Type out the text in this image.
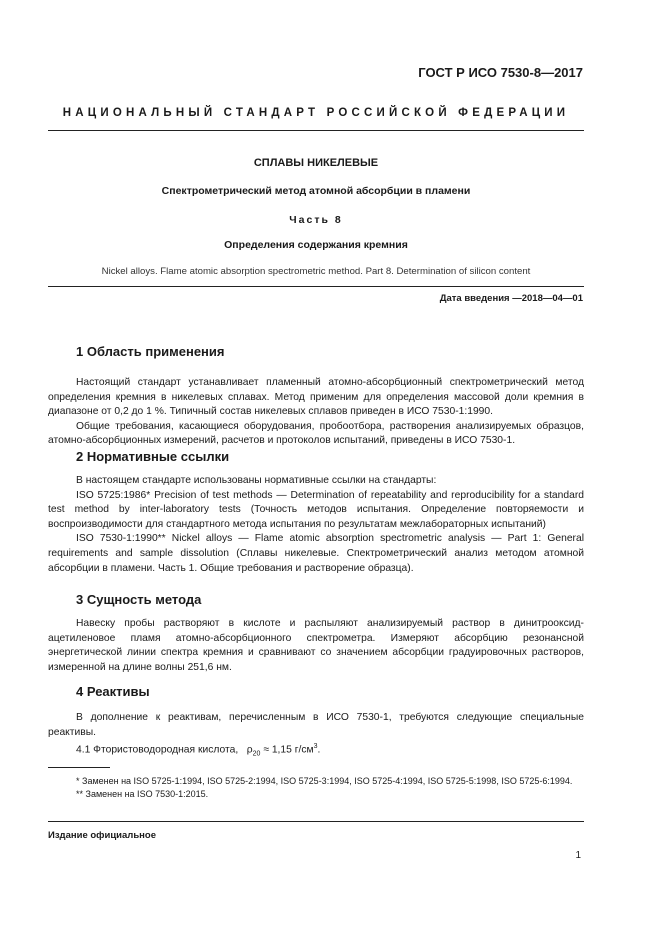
ГОСТ Р ИСО 7530-8—2017
НАЦИОНАЛЬНЫЙ СТАНДАРТ РОССИЙСКОЙ ФЕДЕРАЦИИ
СПЛАВЫ НИКЕЛЕВЫЕ
Спектрометрический метод атомной абсорбции в пламени
Часть 8
Определения содержания кремния
Nickel alloys. Flame atomic absorption spectrometric method. Part 8. Determination of silicon content
Дата введения —2018—04—01
1 Область применения

Настоящий стандарт устанавливает пламенный атомно-абсорбционный спектрометрический метод определения кремния в никелевых сплавах. Метод применим для определения массовой доли кремния в диапазоне от 0,2 до 1 %. Типичный состав никелевых сплавов приведен в ИСО 7530-1:1990.

Общие требования, касающиеся оборудования, пробоотбора, растворения анализируемых образцов, атомно-абсорбционных измерений, расчетов и протоколов испытаний, приведены в ИСО 7530-1.

2 Нормативные ссылки

В настоящем стандарте использованы нормативные ссылки на стандарты:

ISO 5725:1986* Precision of test methods — Determination of repeatability and reproducibility for a standard test method by inter-laboratory tests (Точность методов испытания. Определение повторяемости и воспроизводимости для стандартного метода испытания по результатам межлабораторных испытаний)

ISO 7530-1:1990** Nickel alloys — Flame atomic absorption spectrometric analysis — Part 1: General requirements and sample dissolution (Сплавы никелевые. Спектрометрический анализ методом атомной абсорбции в пламени. Часть 1. Общие требования и растворение образца).

3 Сущность метода

Навеску пробы растворяют в кислоте и распыляют анализируемый раствор в динитрооксид-ацетиленовое пламя атомно-абсорбционного спектрометра. Измеряют абсорбцию резонансной энергетической линии спектра кремния и сравнивают со значением абсорбции градуировочных растворов, измеренной на длине волны 251,6 нм.

4 Реактивы

В дополнение к реактивам, перечисленным в ИСО 7530-1, требуются следующие специальные реактивы.

4.1 Фтористоводородная кислота, $\rho_{20} \approx 1,15$ $г/см^3$.

* Заменен на ISO 5725-1:1994, ISO 5725-2:1994, ISO 5725-3:1994, ISO 5725-4:1994, ISO 5725-5:1998, ISO 5725-6:1994.

** Заменен на ISO 7530-1:2015.

Издание официальное
1
